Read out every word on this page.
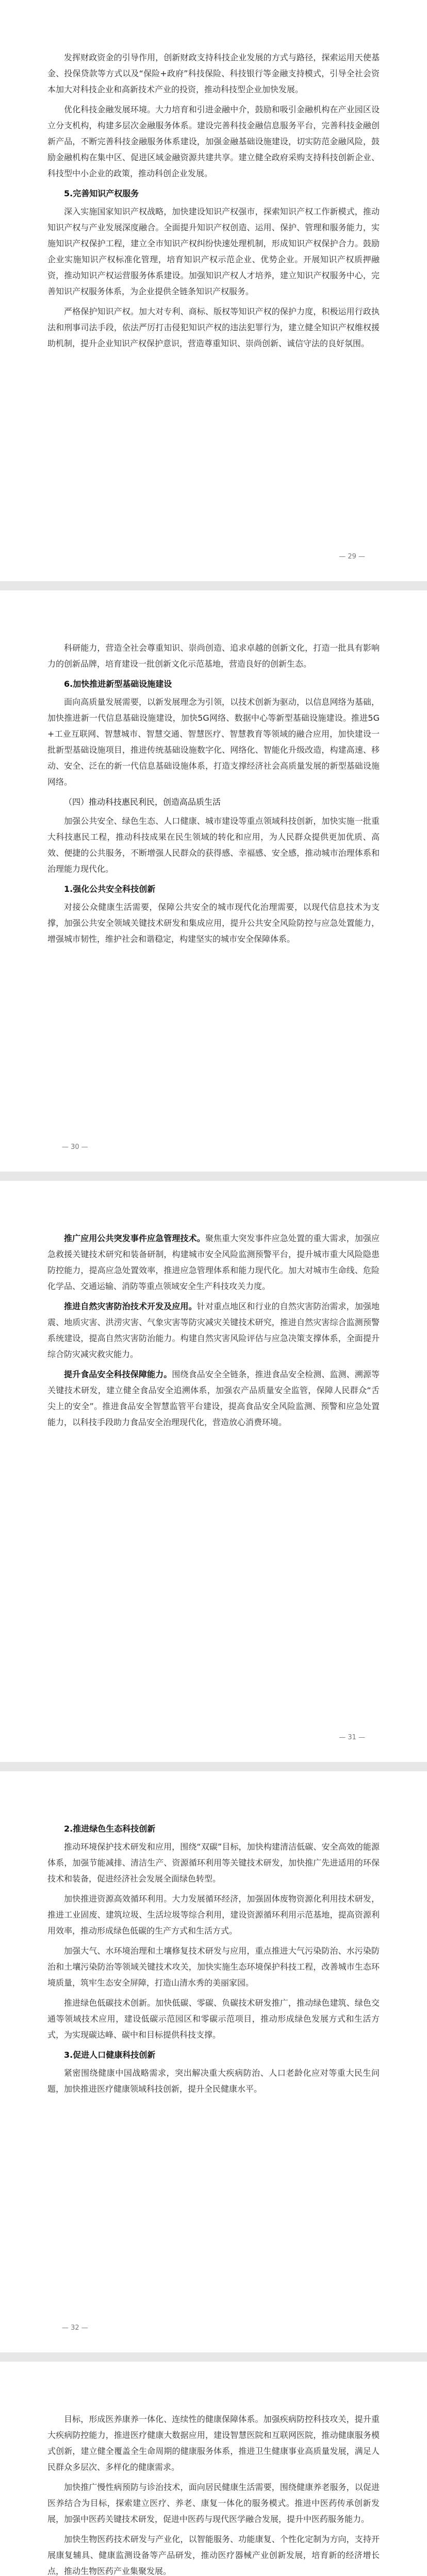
发挥财政资金的引导作用，创新财政支持科技企业发展的方式与路径，探索运用天使基金、投保贷款等方式以及“保险+政府”科技保险、科技银行等金融支持模式，引导全社会资本加大对科技企业和高新技术产业的投资，推动科技型企业加快发展。

优化科技金融发展环境。大力培育和引进金融中介，鼓励和吸引金融机构在产业园区设立分支机构，构建多层次金融服务体系。建设完善科技金融信息服务平台，完善科技金融创新产品，不断完善科技金融服务体系建设，加强金融基础设施建设，切实防范金融风险，鼓励金融机构在集中区、促进区域金融资源共建共享。建立健全政府采购支持科技创新企业、科技型中小企业的政策，推动科创企业发展。

5.完善知识产权服务

深入实施国家知识产权战略，加快建设知识产权强市，探索知识产权工作新模式，推动知识产权与产业发展深度融合。全面提升知识产权创造、运用、保护、管理和服务能力，实施知识产权保护工程，建立全市知识产权纠纷快速处理机制，形成知识产权保护合力。鼓励企业实施知识产权标准化管理，培育知识产权示范企业、优势企业。开展知识产权质押融资，推动知识产权运营服务体系建设。加强知识产权人才培养，建立知识产权服务中心，完善知识产权服务体系，为企业提供全链条知识产权服务。

严格保护知识产权。加大对专利、商标、版权等知识产权的保护力度，积极运用行政执法和刑事司法手段，依法严厉打击侵犯知识产权的违法犯罪行为，建立健全知识产权维权援助机制，提升企业知识产权保护意识，营造尊重知识、崇尚创新、诚信守法的良好氛围。

— 29 —

科研能力，营造全社会尊重知识、崇尚创造、追求卓越的创新文化，打造一批具有影响力的创新品牌，培育建设一批创新文化示范基地，营造良好的创新生态。

6.加快推进新型基础设施建设

面向高质量发展需要，以新发展理念为引领，以技术创新为驱动，以信息网络为基础，加快推进新一代信息基础设施建设，加快5G网络、数据中心等新型基础设施建设。推进5G+工业互联网、智慧城市、智慧交通、智慧医疗、智慧教育等领域的融合应用，加快建设一批新型基础设施项目，推进传统基础设施数字化、网络化、智能化升级改造，构建高速、移动、安全、泛在的新一代信息基础设施体系，打造支撑经济社会高质量发展的新型基础设施网络。

（四）推动科技惠民利民，创造高品质生活

加强公共安全、绿色生态、人口健康、城市建设等重点领域科技创新，加快实施一批重大科技惠民工程，推动科技成果在民生领域的转化和应用，为人民群众提供更加优质、高效、便捷的公共服务，不断增强人民群众的获得感、幸福感、安全感，推动城市治理体系和治理能力现代化。

1.强化公共安全科技创新

对接公众健康生活需要，保障公共安全的城市现代化治理需要，以现代信息技术为支撑，加强公共安全领域关键技术研发和集成应用，提升公共安全风险防控与应急处置能力，增强城市韧性，维护社会和谐稳定，构建坚实的城市安全保障体系。

— 30 —

推广应用公共突发事件应急管理技术。聚焦重大突发事件应急处置的重大需求，加强应急救援关键技术研究和装备研制，构建城市安全风险监测预警平台，提升城市重大风险隐患防控能力，提高应急处置效率，推进应急管理体系和能力现代化。加大对城市生命线、危险化学品、交通运输、消防等重点领域安全生产科技攻关力度。

推进自然灾害防治技术开发及应用。针对重点地区和行业的自然灾害防治需求，加强地震、地质灾害、洪涝灾害、气象灾害等防灾减灾关键技术研究，推进自然灾害综合监测预警系统建设，提高自然灾害防治能力。构建自然灾害风险评估与应急决策支撑体系，全面提升综合防灾减灾救灾能力。

提升食品安全科技保障能力。围绕食品安全全链条，推进食品安全检测、监测、溯源等关键技术研发，建立健全食品安全追溯体系，加强农产品质量安全监管，保障人民群众“舌尖上的安全”。推进食品安全智慧监管平台建设，提高食品安全风险监测、预警和应急处置能力，以科技手段助力食品安全治理现代化，营造放心消费环境。

— 31 —

2.推进绿色生态科技创新

推动环境保护技术研发和应用，围绕“双碳”目标，加快构建清洁低碳、安全高效的能源体系，加强节能减排、清洁生产、资源循环利用等关键技术研发，加快推广先进适用的环保技术和装备，促进经济社会发展全面绿色转型。

加快推进资源高效循环利用。大力发展循环经济，加强固体废物资源化利用技术研发，推进工业固废、建筑垃圾、生活垃圾等综合利用，建设资源循环利用示范基地，提高资源利用效率，推动形成绿色低碳的生产方式和生活方式。

加强大气、水环境治理和土壤修复技术研发与应用，重点推进大气污染防治、水污染防治和土壤污染防治等领域关键技术攻关，加快实施生态环境保护科技工程，改善城市生态环境质量，筑牢生态安全屏障，打造山清水秀的美丽家园。

推进绿色低碳技术创新。加快低碳、零碳、负碳技术研发推广，推动绿色建筑、绿色交通等领域技术应用，建设低碳示范园区和零碳示范项目，推动形成绿色发展方式和生活方式，为实现碳达峰、碳中和目标提供科技支撑。

3.促进人口健康科技创新

紧密围绕健康中国战略需求，突出解决重大疾病防治、人口老龄化应对等重大民生问题，加快推进医疗健康领域科技创新，提升全民健康水平。

— 32 —

目标，形成医养康养一体化、连续性的健康保障体系。加强疾病防控科技攻关，提升重大疾病防控能力，推进医疗健康大数据应用，建设智慧医院和互联网医院，推动健康服务模式创新，建立健全覆盖全生命周期的健康服务体系，推进卫生健康事业高质量发展，满足人民群众多层次、多样化的健康需求。

加快推广慢性病预防与诊治技术，面向居民健康生活需要，围绕健康养老服务，以促进医养结合为目标，探索建立医疗、养老、康复一体化的服务模式。推进中医药传承创新发展，加强中医药关键技术研发，促进中医药与现代医学融合发展，提升中医药服务能力。

加快生物医药技术研发与产业化，以智能服务、功能康复、个性化定制为方向，支持开展康复辅具、健康监测设备等产品研发，推动医疗器械产业创新发展，培育新的经济增长点，推动生物医药产业集聚发展。
